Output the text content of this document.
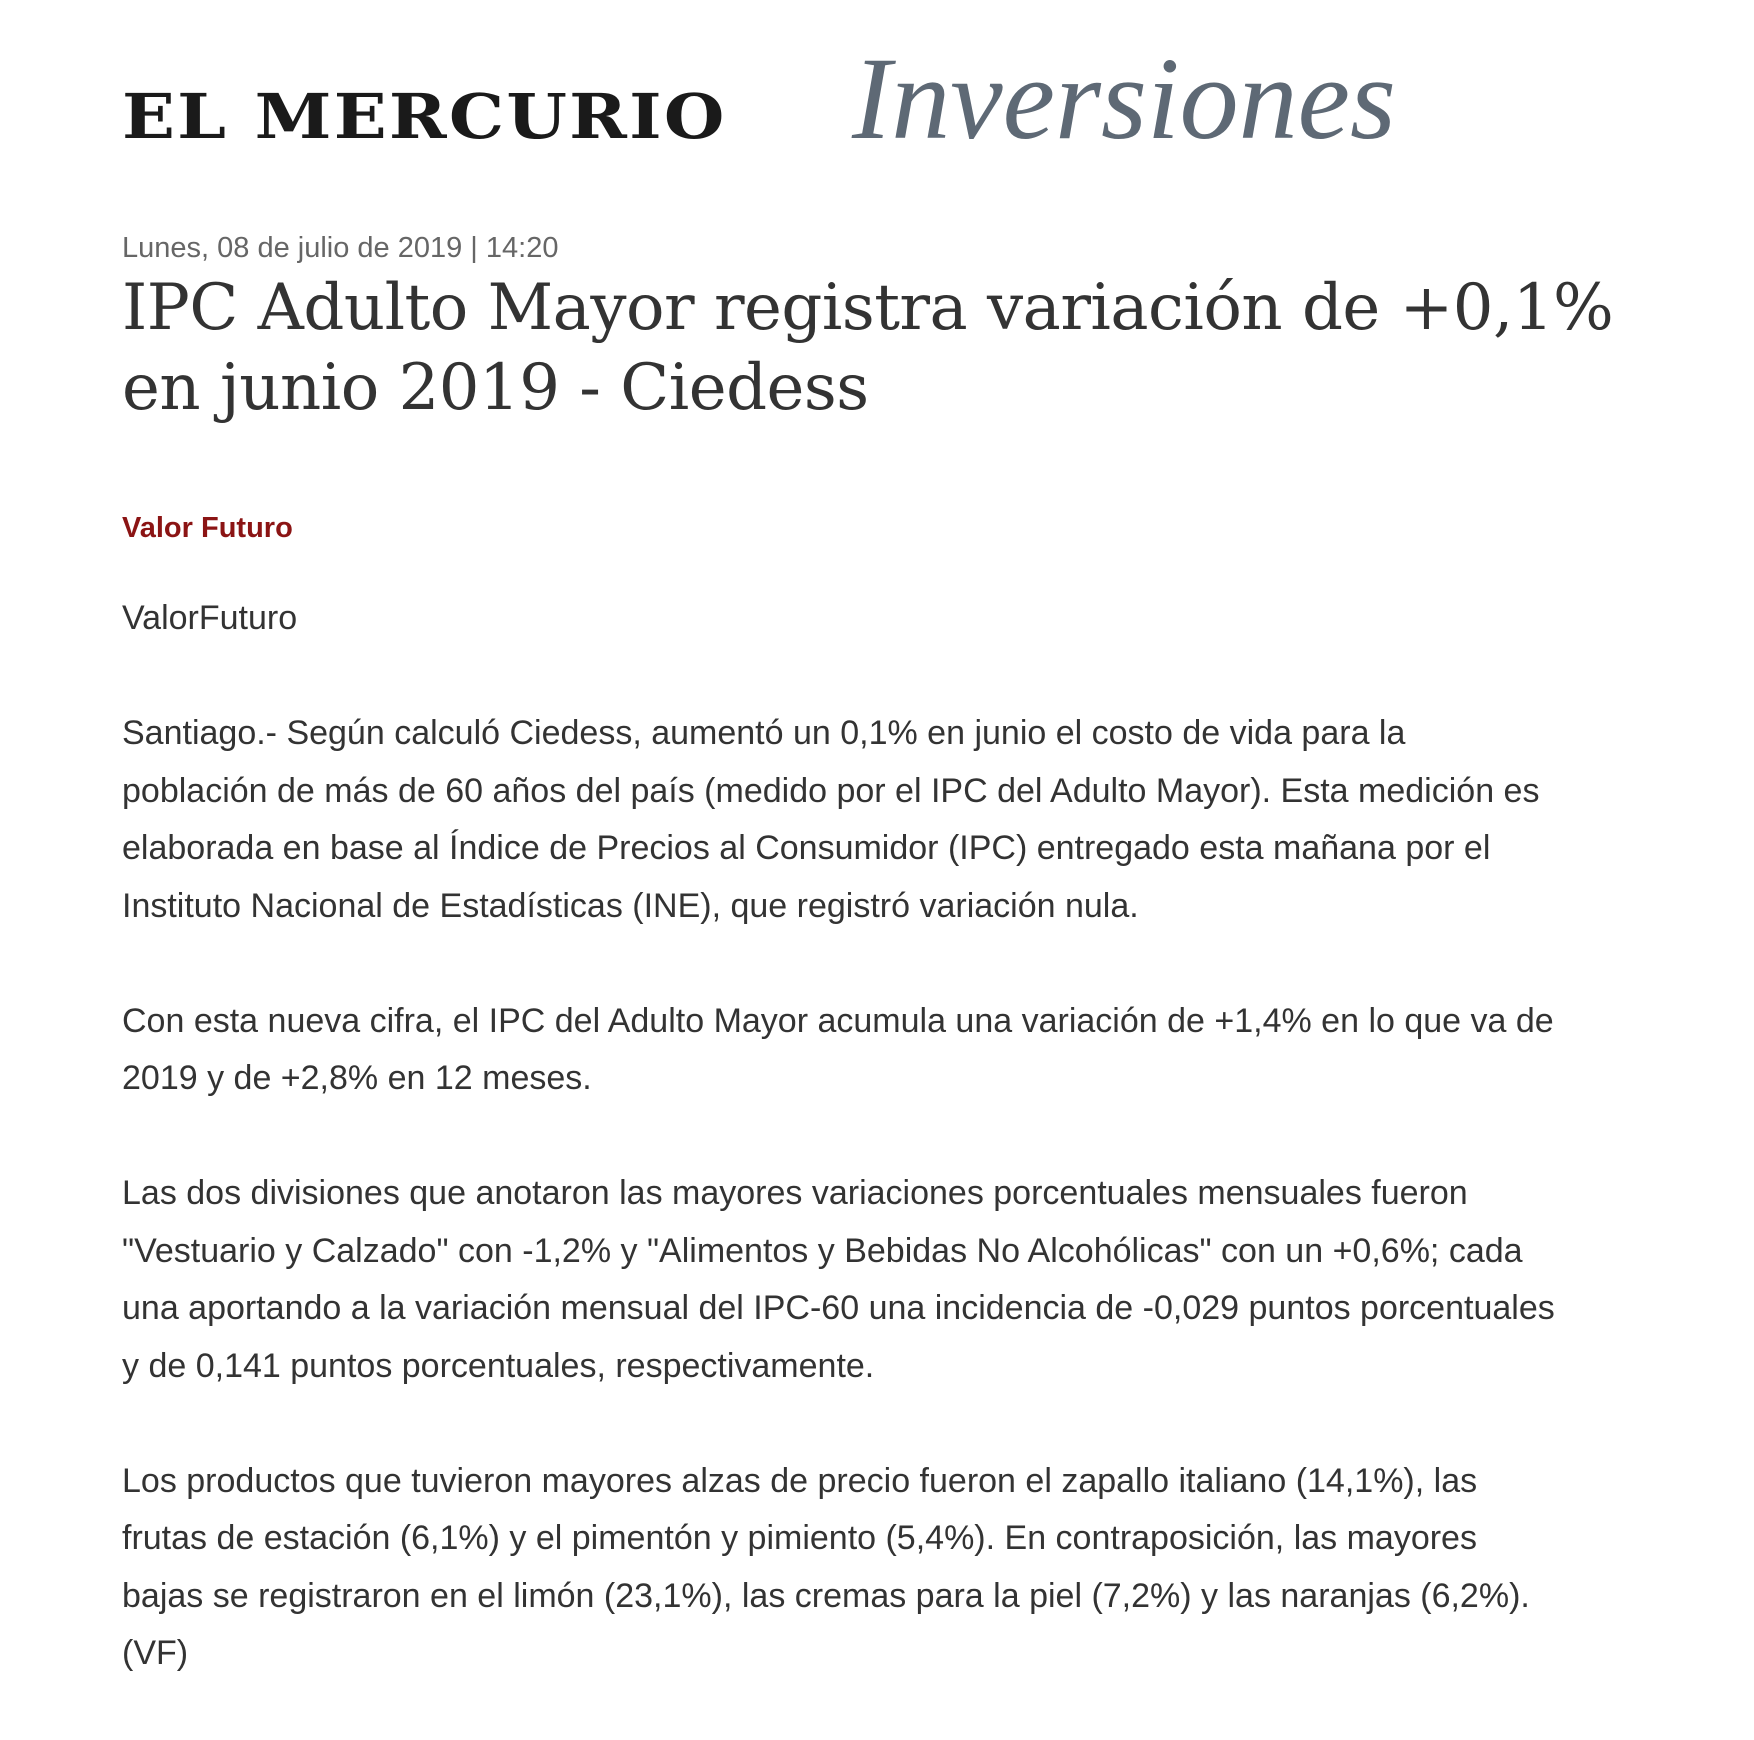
EL MERCURIO Inversiones
Lunes, 08 de julio de 2019 | 14:20
IPC Adulto Mayor registra variación de +0,1%
en junio 2019 - Ciedess
Valor Futuro

ValorFuturo

Santiago.- Según calculó Ciedess, aumentó un 0,1% en junio el costo de vida para la
población de más de 60 años del país (medido por el IPC del Adulto Mayor). Esta medición es
elaborada en base al Índice de Precios al Consumidor (IPC) entregado esta mañana por el
Instituto Nacional de Estadísticas (INE), que registró variación nula.

Con esta nueva cifra, el IPC del Adulto Mayor acumula una variación de +1,4% en lo que va de
2019 y de +2,8% en 12 meses.

Las dos divisiones que anotaron las mayores variaciones porcentuales mensuales fueron
"Vestuario y Calzado" con -1,2% y "Alimentos y Bebidas No Alcohólicas" con un +0,6%; cada
una aportando a la variación mensual del IPC-60 una incidencia de -0,029 puntos porcentuales
y de 0,141 puntos porcentuales, respectivamente.

Los productos que tuvieron mayores alzas de precio fueron el zapallo italiano (14,1%), las
frutas de estación (6,1%) y el pimentón y pimiento (5,4%). En contraposición, las mayores
bajas se registraron en el limón (23,1%), las cremas para la piel (7,2%) y las naranjas (6,2%).
(VF)
